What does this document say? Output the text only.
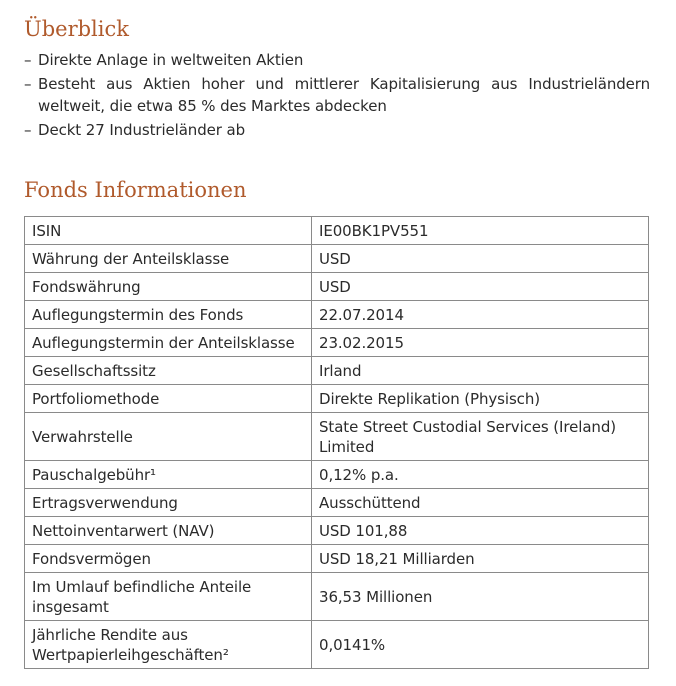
Überblick
– Direkte Anlage in weltweiten Aktien
– Besteht aus Aktien hoher und mittlerer Kapitalisierung aus Industrieländern weltweit, die etwa 85 % des Marktes abdecken
– Deckt 27 Industrieländer ab
Fonds Informationen
ISIN	IE00BK1PV551
Währung der Anteilsklasse	USD
Fondswährung	USD
Auflegungstermin des Fonds	22.07.2014
Auflegungstermin der Anteilsklasse	23.02.2015
Gesellschaftssitz	Irland
Portfoliomethode	Direkte Replikation (Physisch)
Verwahrstelle	State Street Custodial Services (Ireland) Limited
Pauschalgebühr¹	0,12% p.a.
Ertragsverwendung	Ausschüttend
Nettoinventarwert (NAV)	USD 101,88
Fondsvermögen	USD 18,21 Milliarden
Im Umlauf befindliche Anteile insgesamt	36,53 Millionen
Jährliche Rendite aus Wertpapierleihgeschäften²	0,0141%
